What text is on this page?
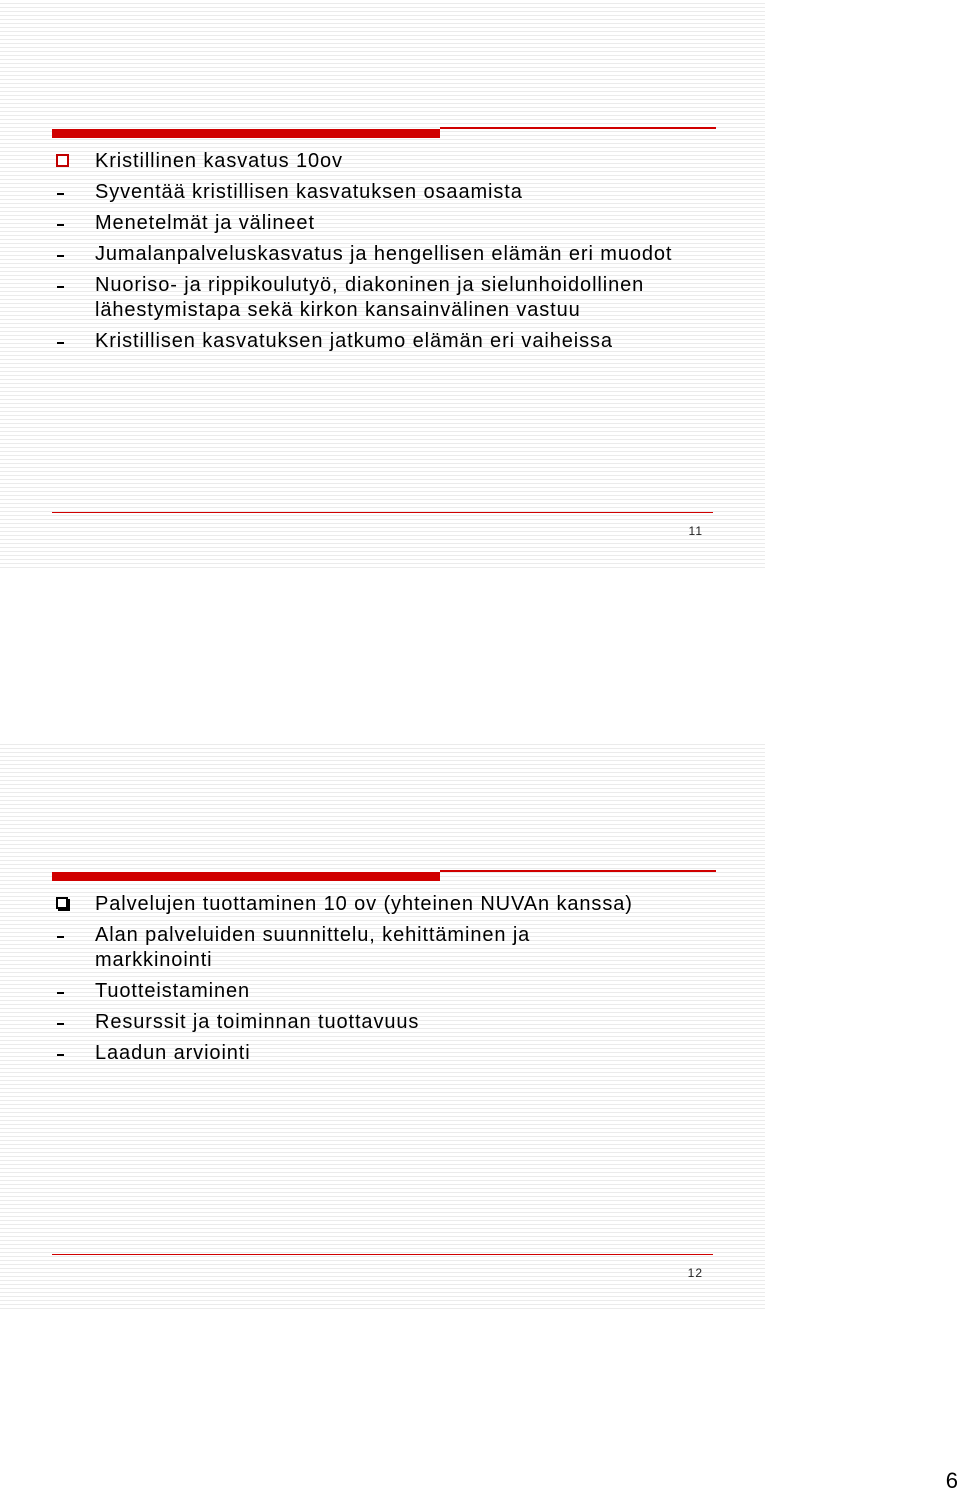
Kristillinen kasvatus 10ov
Syventää kristillisen kasvatuksen osaamista
Menetelmät ja välineet
Jumalanpalveluskasvatus ja hengellisen elämän eri muodot
Nuoriso- ja rippikoulutyö, diakoninen ja sielunhoidollinen lähestymistapa sekä kirkon kansainvälinen vastuu
Kristillisen kasvatuksen jatkumo elämän eri vaiheissa
11
Palvelujen tuottaminen 10 ov (yhteinen NUVAn kanssa)
Alan palveluiden suunnittelu, kehittäminen ja markkinointi
Tuotteistaminen
Resurssit ja toiminnan tuottavuus
Laadun arviointi
12
6
